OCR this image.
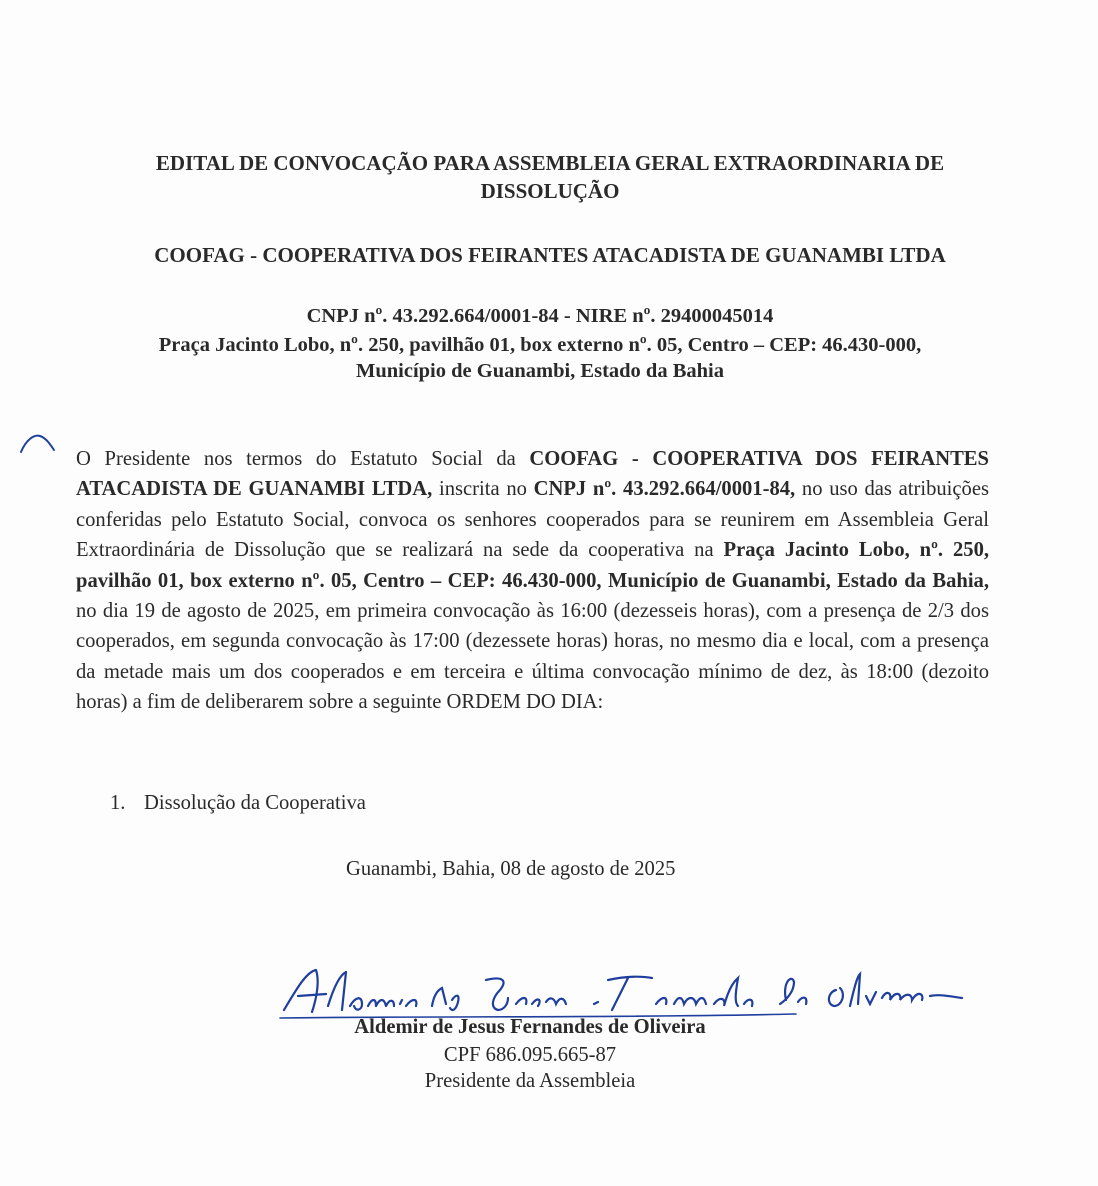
EDITAL DE CONVOCAÇÃO PARA ASSEMBLEIA GERAL EXTRAORDINARIA DE
DISSOLUÇÃO
COOFAG - COOPERATIVA DOS FEIRANTES ATACADISTA DE GUANAMBI LTDA
CNPJ nº. 43.292.664/0001-84 - NIRE nº. 29400045014
Praça Jacinto Lobo, nº. 250, pavilhão 01, box externo nº. 05, Centro – CEP: 46.430-000,
Município de Guanambi, Estado da Bahia
O Presidente nos termos do Estatuto Social da COOFAG - COOPERATIVA DOS FEIRANTES ATACADISTA DE GUANAMBI LTDA, inscrita no CNPJ nº. 43.292.664/0001-84, no uso das atribuições conferidas pelo Estatuto Social, convoca os senhores cooperados para se reunirem em Assembleia Geral Extraordinária de Dissolução que se realizará na sede da cooperativa na Praça Jacinto Lobo, nº. 250, pavilhão 01, box externo nº. 05, Centro – CEP: 46.430-000, Município de Guanambi, Estado da Bahia, no dia 19 de agosto de 2025, em primeira convocação às 16:00 (dezesseis horas), com a presença de 2/3 dos cooperados, em segunda convocação às 17:00 (dezessete horas) horas, no mesmo dia e local, com a presença da metade mais um dos cooperados e em terceira e última convocação mínimo de dez, às 18:00 (dezoito horas) a fim de deliberarem sobre a seguinte ORDEM DO DIA:
1. Dissolução da Cooperativa
Guanambi, Bahia, 08 de agosto de 2025
Aldemir de Jesus Fernandes de Oliveira
CPF 686.095.665-87
Presidente da Assembleia
